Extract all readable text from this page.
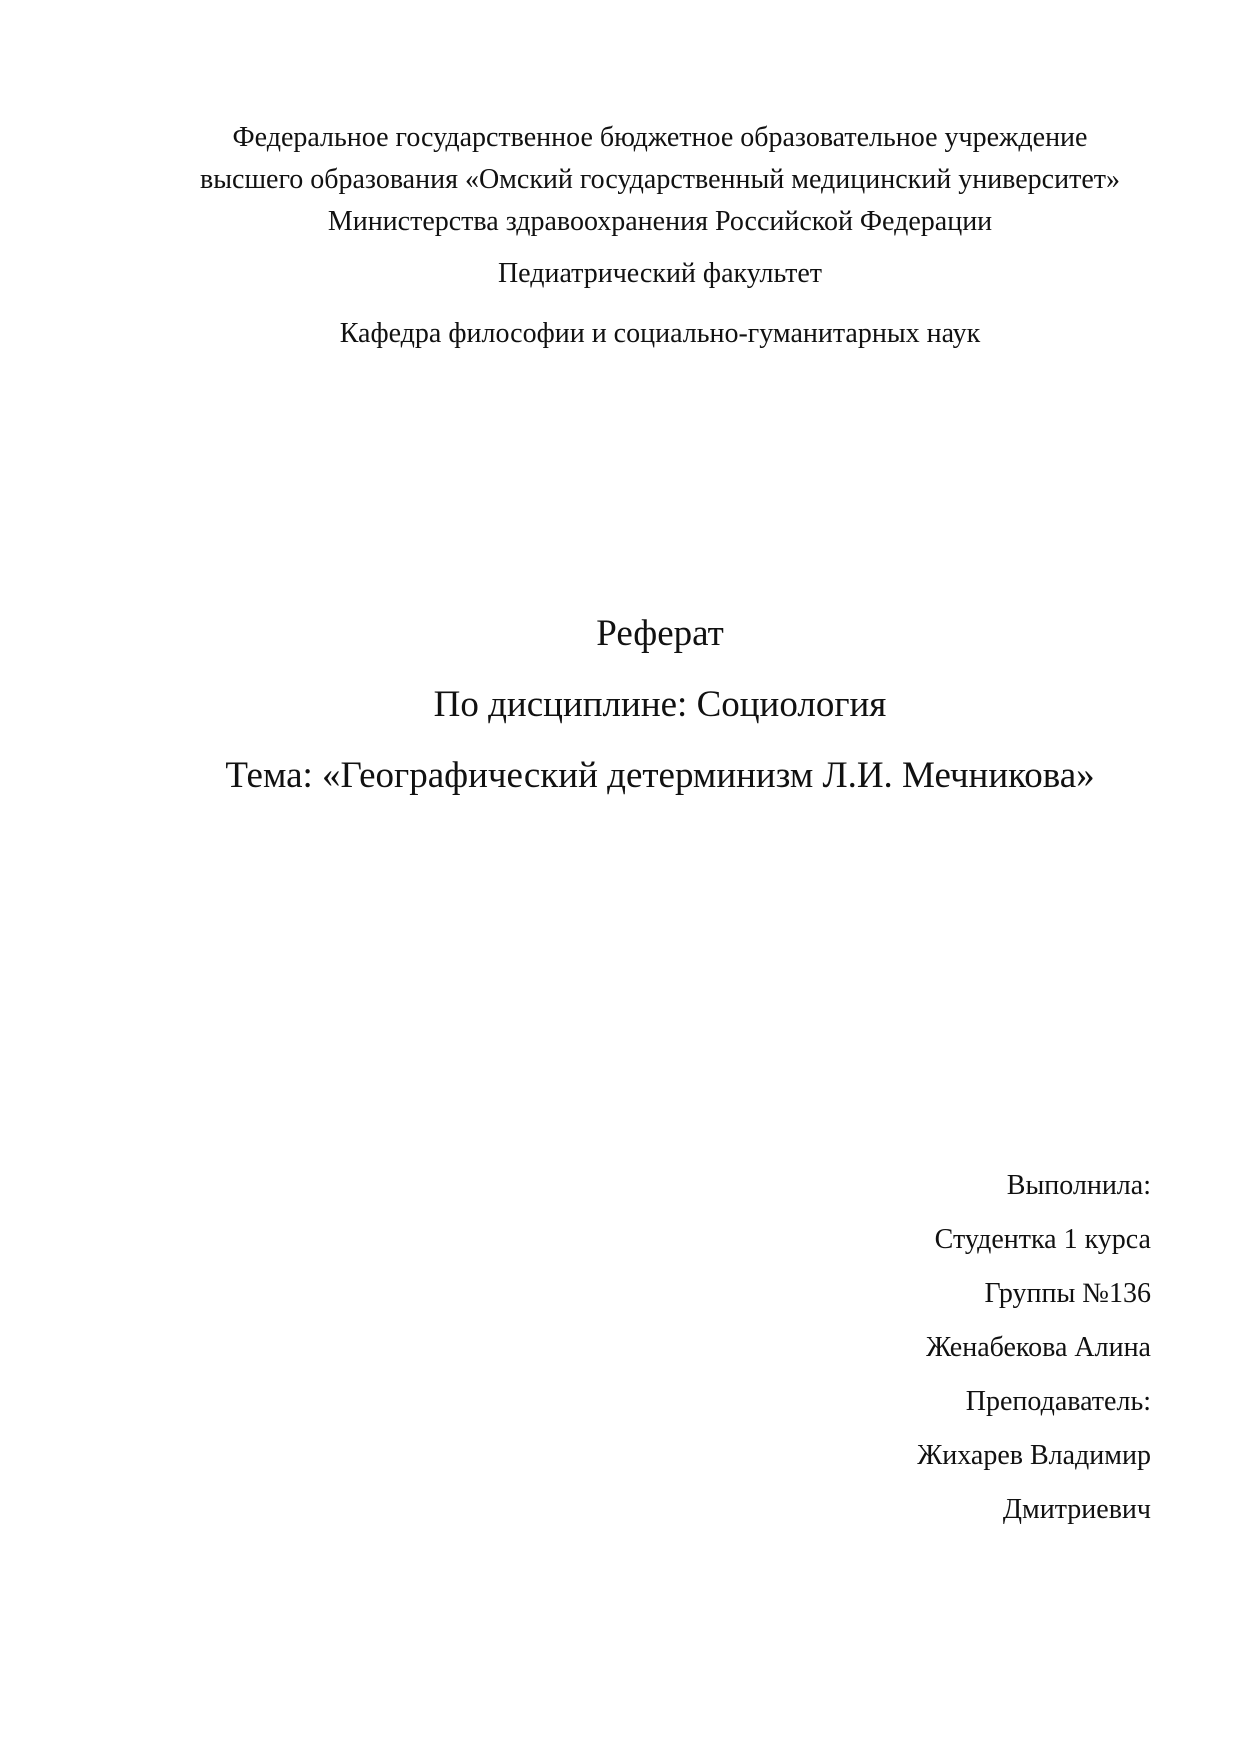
Федеральное государственное бюджетное образовательное учреждение
высшего образования «Омский государственный медицинский университет»
Министерства здравоохранения Российской Федерации
Педиатрический факультет
Кафедра философии и социально-гуманитарных наук
Реферат
По дисциплине: Социология
Тема: «Географический детерминизм Л.И. Мечникова»
Выполнила:
Студентка 1 курса
Группы №136
Женабекова Алина
Преподаватель:
Жихарев Владимир
Дмитриевич
